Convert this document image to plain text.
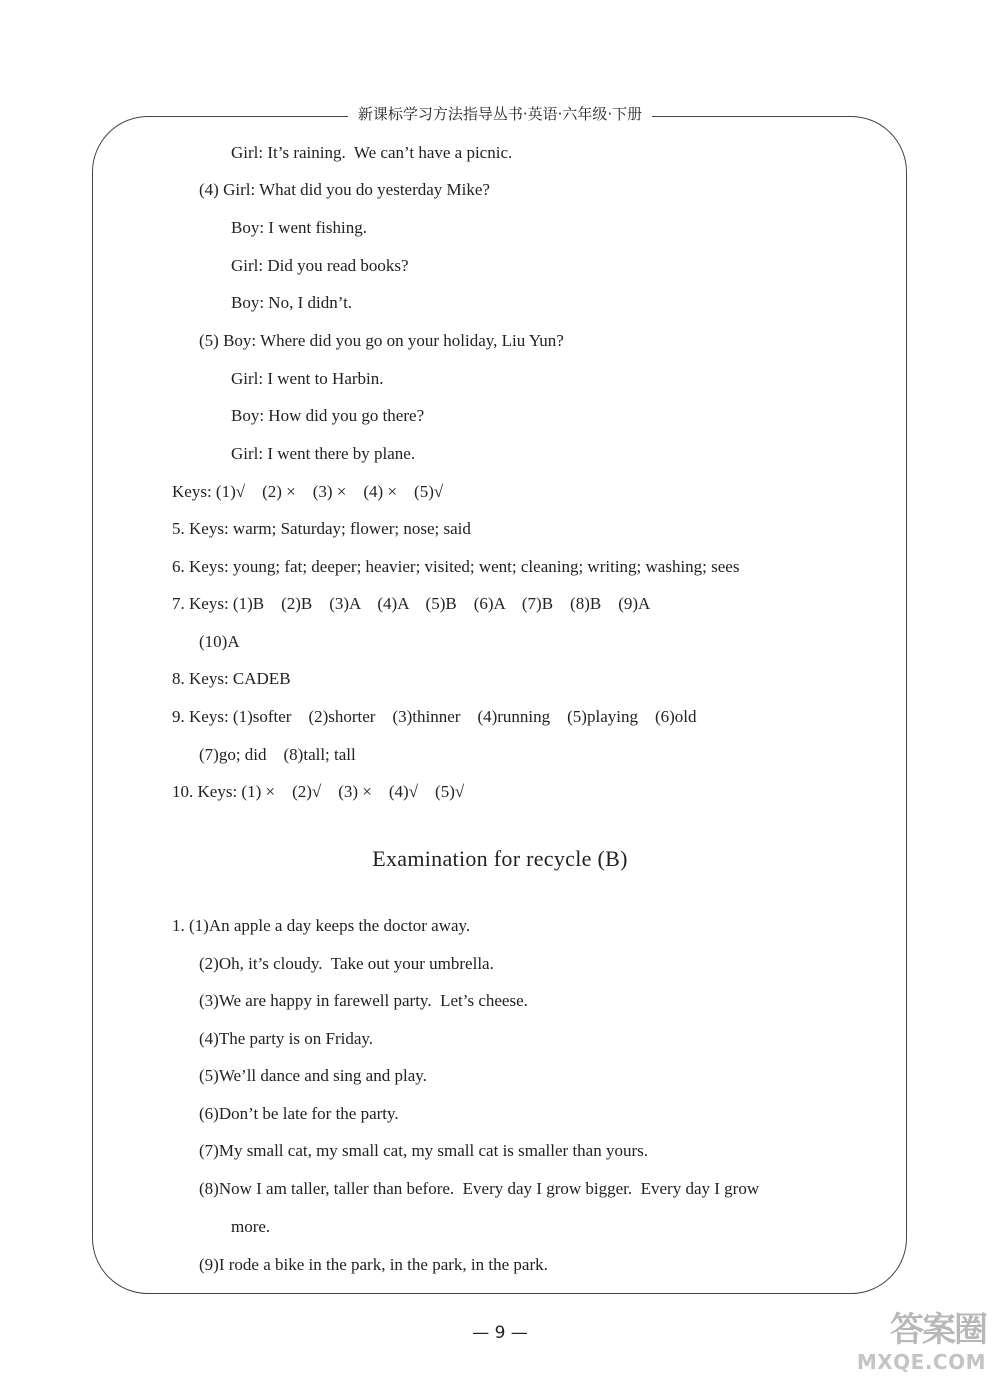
新课标学习方法指导丛书·英语·六年级·下册
Girl: It’s raining.  We can’t have a picnic.
(4) Girl: What did you do yesterday Mike?
Boy: I went fishing.
Girl: Did you read books?
Boy: No, I didn’t.
(5) Boy: Where did you go on your holiday, Liu Yun?
Girl: I went to Harbin.
Boy: How did you go there?
Girl: I went there by plane.
Keys: (1)√    (2) ×    (3) ×    (4) ×    (5)√
5. Keys: warm; Saturday; flower; nose; said
6. Keys: young; fat; deeper; heavier; visited; went; cleaning; writing; washing; sees
7. Keys: (1)B    (2)B    (3)A    (4)A    (5)B    (6)A    (7)B    (8)B    (9)A
(10)A
8. Keys: CADEB
9. Keys: (1)softer    (2)shorter    (3)thinner    (4)running    (5)playing    (6)old
(7)go; did    (8)tall; tall
10. Keys: (1) ×    (2)√    (3) ×    (4)√    (5)√
Examination for recycle (B)
1. (1)An apple a day keeps the doctor away.
(2)Oh, it’s cloudy.  Take out your umbrella.
(3)We are happy in farewell party.  Let’s cheese.
(4)The party is on Friday.
(5)We’ll dance and sing and play.
(6)Don’t be late for the party.
(7)My small cat, my small cat, my small cat is smaller than yours.
(8)Now I am taller, taller than before.  Every day I grow bigger.  Every day I grow
more.
(9)I rode a bike in the park, in the park, in the park.
— 9 —	答案圈
MXQE.COM
